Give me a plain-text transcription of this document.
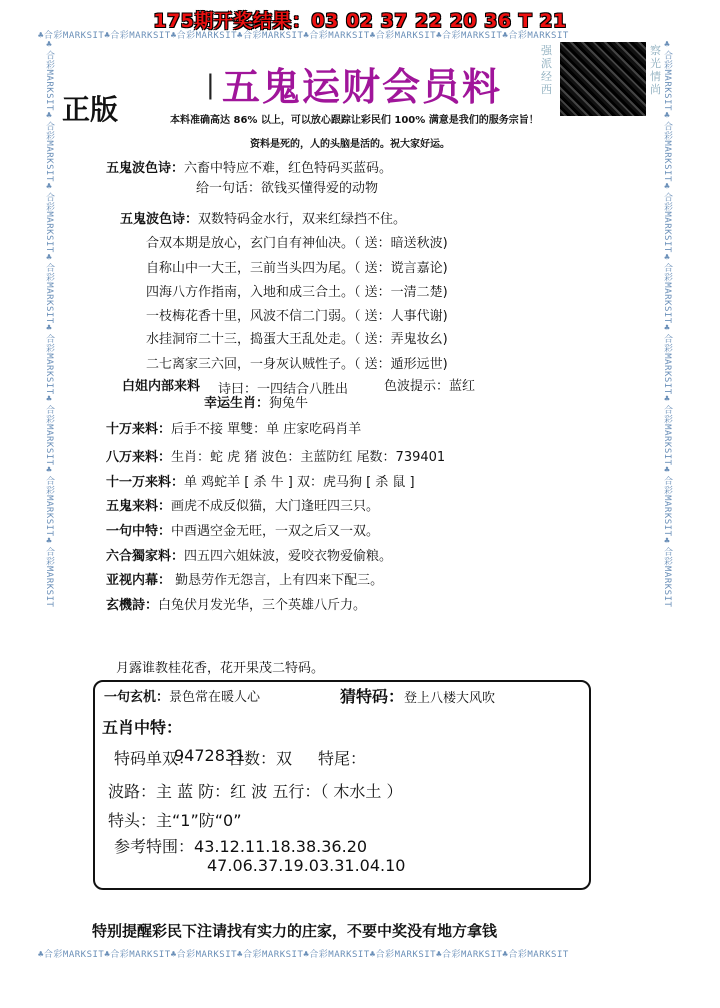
175期开奖结果：03 02 37 22 20 36 T 21
♣合彩MARKSIT♣合彩MARKSIT♣合彩MARKSIT♣合彩MARKSIT♣合彩MARKSIT♣合彩MARKSIT♣合彩MARKSIT♣合彩MARKSIT
♣合彩MARKSIT♣合彩MARKSIT♣合彩MARKSIT♣合彩MARKSIT♣合彩MARKSIT♣合彩MARKSIT♣合彩MARKSIT♣合彩MARKSIT
♣合彩MARKSIT♣合彩MARKSIT♣合彩MARKSIT♣合彩MARKSIT♣合彩MARKSIT♣合彩MARKSIT♣合彩MARKSIT♣合彩MARKSIT	♣合彩MARKSIT♣合彩MARKSIT♣合彩MARKSIT♣合彩MARKSIT♣合彩MARKSIT♣合彩MARKSIT♣合彩MARKSIT♣合彩MARKSIT
正版
| 五鬼运财会员料
强派经西
察光情尚
本料准确高达 86% 以上，可以放心跟踪让彩民们 100% 满意是我们的服务宗旨！
资料是死的，人的头脑是活的。祝大家好运。
五鬼波色诗：六畜中特应不难，红色特码买蓝码。
给一句话：欲钱买懂得爱的动物
五鬼波色诗：双数特码金水行，双来红绿挡不住。
合双本期是放心，玄门自有神仙决。（ 送：暗送秋波)
自称山中一大王，三前当头四为尾。（ 送：谠言嘉论)
四海八方作指南，入地和成三合土。（ 送：一清二楚)
一枝梅花香十里，风波不信二门弱。（ 送：人事代谢)
水挂洞帘二十三，捣蛋大王乱处走。（ 送：弄鬼妆幺)
二七离家三六回，一身灰认贼性子。（ 送：遁形远世)
白姐内部来料 诗曰：一四结合八胜出	色波提示：蓝红
幸运生肖：狗兔牛
十万来料：后手不接 單雙：单 庄家吃码肖羊
八万来料：生肖：蛇 虎 猪 波色：主蓝防红 尾数：739401
十一万来料：单 鸡蛇羊 [ 杀 牛 ] 双：虎马狗 [ 杀 鼠 ]
五鬼来料：画虎不成反似猫，大门逢旺四三只。
一句中特：中酉遇空金无旺，一双之后又一双。
六合獨家料：四五四六姐妹波，爱咬衣物爱偷粮。
亚视内幕： 勤恳劳作无怨言，上有四来下配三。
玄機詩：白兔伏月发光华，三个英雄八斤力。
月露谁教桂花香，花开果茂二特码。
一句玄机：景色常在暖人心	猜特码：登上八楼大风吹
五肖中特：
特码单双：
9472831
合数：双 特尾：
波路：主 蓝 防：红 波 五行：（ 木水土 ）
特头：主“1”防“0”
参考特围：43.12.11.18.38.36.20
47.06.37.19.03.31.04.10
特别提醒彩民下注请找有实力的庄家，不要中奖没有地方拿钱
